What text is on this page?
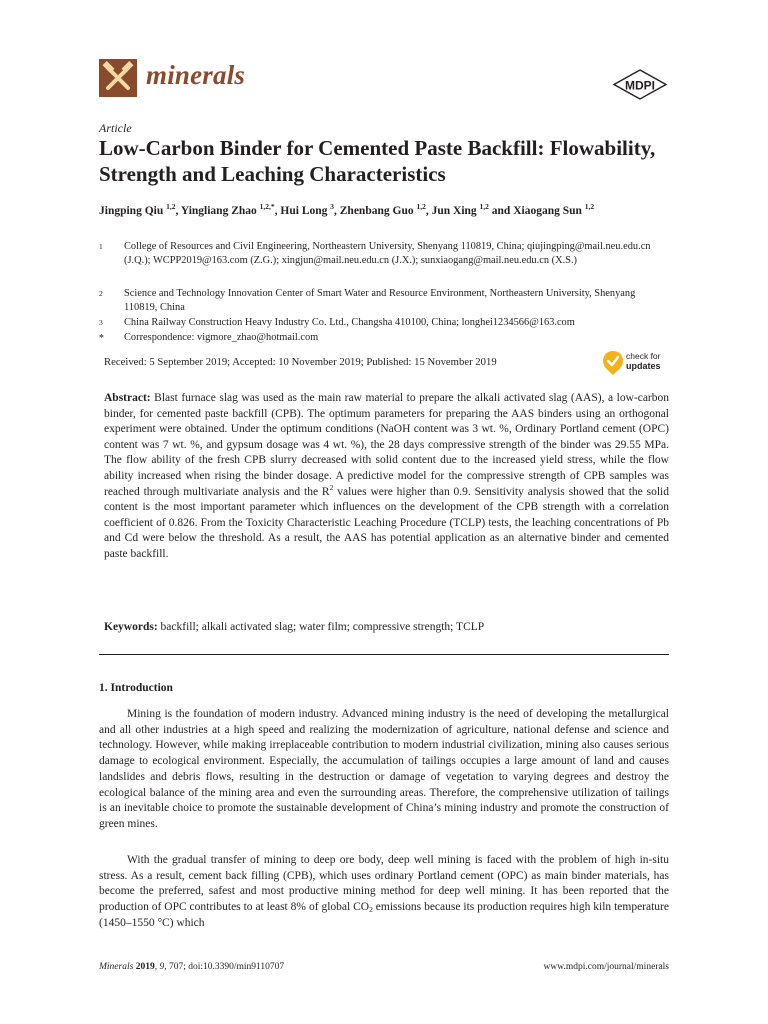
minerals	MDPI
Article
Low-Carbon Binder for Cemented Paste Backfill: Flowability, Strength and Leaching Characteristics
Jingping Qiu $^{1,2}$, Yingliang Zhao $^{1,2,*}$, Hui Long $^3$, Zhenbang Guo $^{1,2}$, Jun Xing $^{1,2}$ and Xiaogang Sun $^{1,2}$
1 College of Resources and Civil Engineering, Northeastern University, Shenyang 110819, China; qiujingping@mail.neu.edu.cn (J.Q.); WCPP2019@163.com (Z.G.); xingjun@mail.neu.edu.cn (J.X.); sunxiaogang@mail.neu.edu.cn (X.S.)
2 Science and Technology Innovation Center of Smart Water and Resource Environment, Northeastern University, Shenyang 110819, China
3 China Railway Construction Heavy Industry Co. Ltd., Changsha 410100, China; longhei1234566@163.com
* Correspondence: vigmore_zhao@hotmail.com
Received: 5 September 2019; Accepted: 10 November 2019; Published: 15 November 2019	check for
updates
Abstract: Blast furnace slag was used as the main raw material to prepare the alkali activated slag (AAS), a low-carbon binder, for cemented paste backfill (CPB). The optimum parameters for preparing the AAS binders using an orthogonal experiment were obtained. Under the optimum conditions (NaOH content was 3 wt. %, Ordinary Portland cement (OPC) content was 7 wt. %, and gypsum dosage was 4 wt. %), the 28 days compressive strength of the binder was 29.55 MPa. The flow ability of the fresh CPB slurry decreased with solid content due to the increased yield stress, while the flow ability increased when rising the binder dosage. A predictive model for the compressive strength of CPB samples was reached through multivariate analysis and the $R^2$ values were higher than 0.9. Sensitivity analysis showed that the solid content is the most important parameter which influences on the development of the CPB strength with a correlation coefficient of 0.826. From the Toxicity Characteristic Leaching Procedure (TCLP) tests, the leaching concentrations of Pb and Cd were below the threshold. As a result, the AAS has potential application as an alternative binder and cemented paste backfill.
Keywords: backfill; alkali activated slag; water film; compressive strength; TCLP
1. Introduction
Mining is the foundation of modern industry. Advanced mining industry is the need of developing the metallurgical and all other industries at a high speed and realizing the modernization of agriculture, national defense and science and technology. However, while making irreplaceable contribution to modern industrial civilization, mining also causes serious damage to ecological environment. Especially, the accumulation of tailings occupies a large amount of land and causes landslides and debris flows, resulting in the destruction or damage of vegetation to varying degrees and destroy the ecological balance of the mining area and even the surrounding areas. Therefore, the comprehensive utilization of tailings is an inevitable choice to promote the sustainable development of China’s mining industry and promote the construction of green mines.
With the gradual transfer of mining to deep ore body, deep well mining is faced with the problem of high in-situ stress. As a result, cement back filling (CPB), which uses ordinary Portland cement (OPC) as main binder materials, has become the preferred, safest and most productive mining method for deep well mining. It has been reported that the production of OPC contributes to at least 8% of global $CO_2$ emissions because its production requires high kiln temperature (1450–1550 °C) which
Minerals 2019, 9, 707; doi:10.3390/min9110707	www.mdpi.com/journal/minerals
